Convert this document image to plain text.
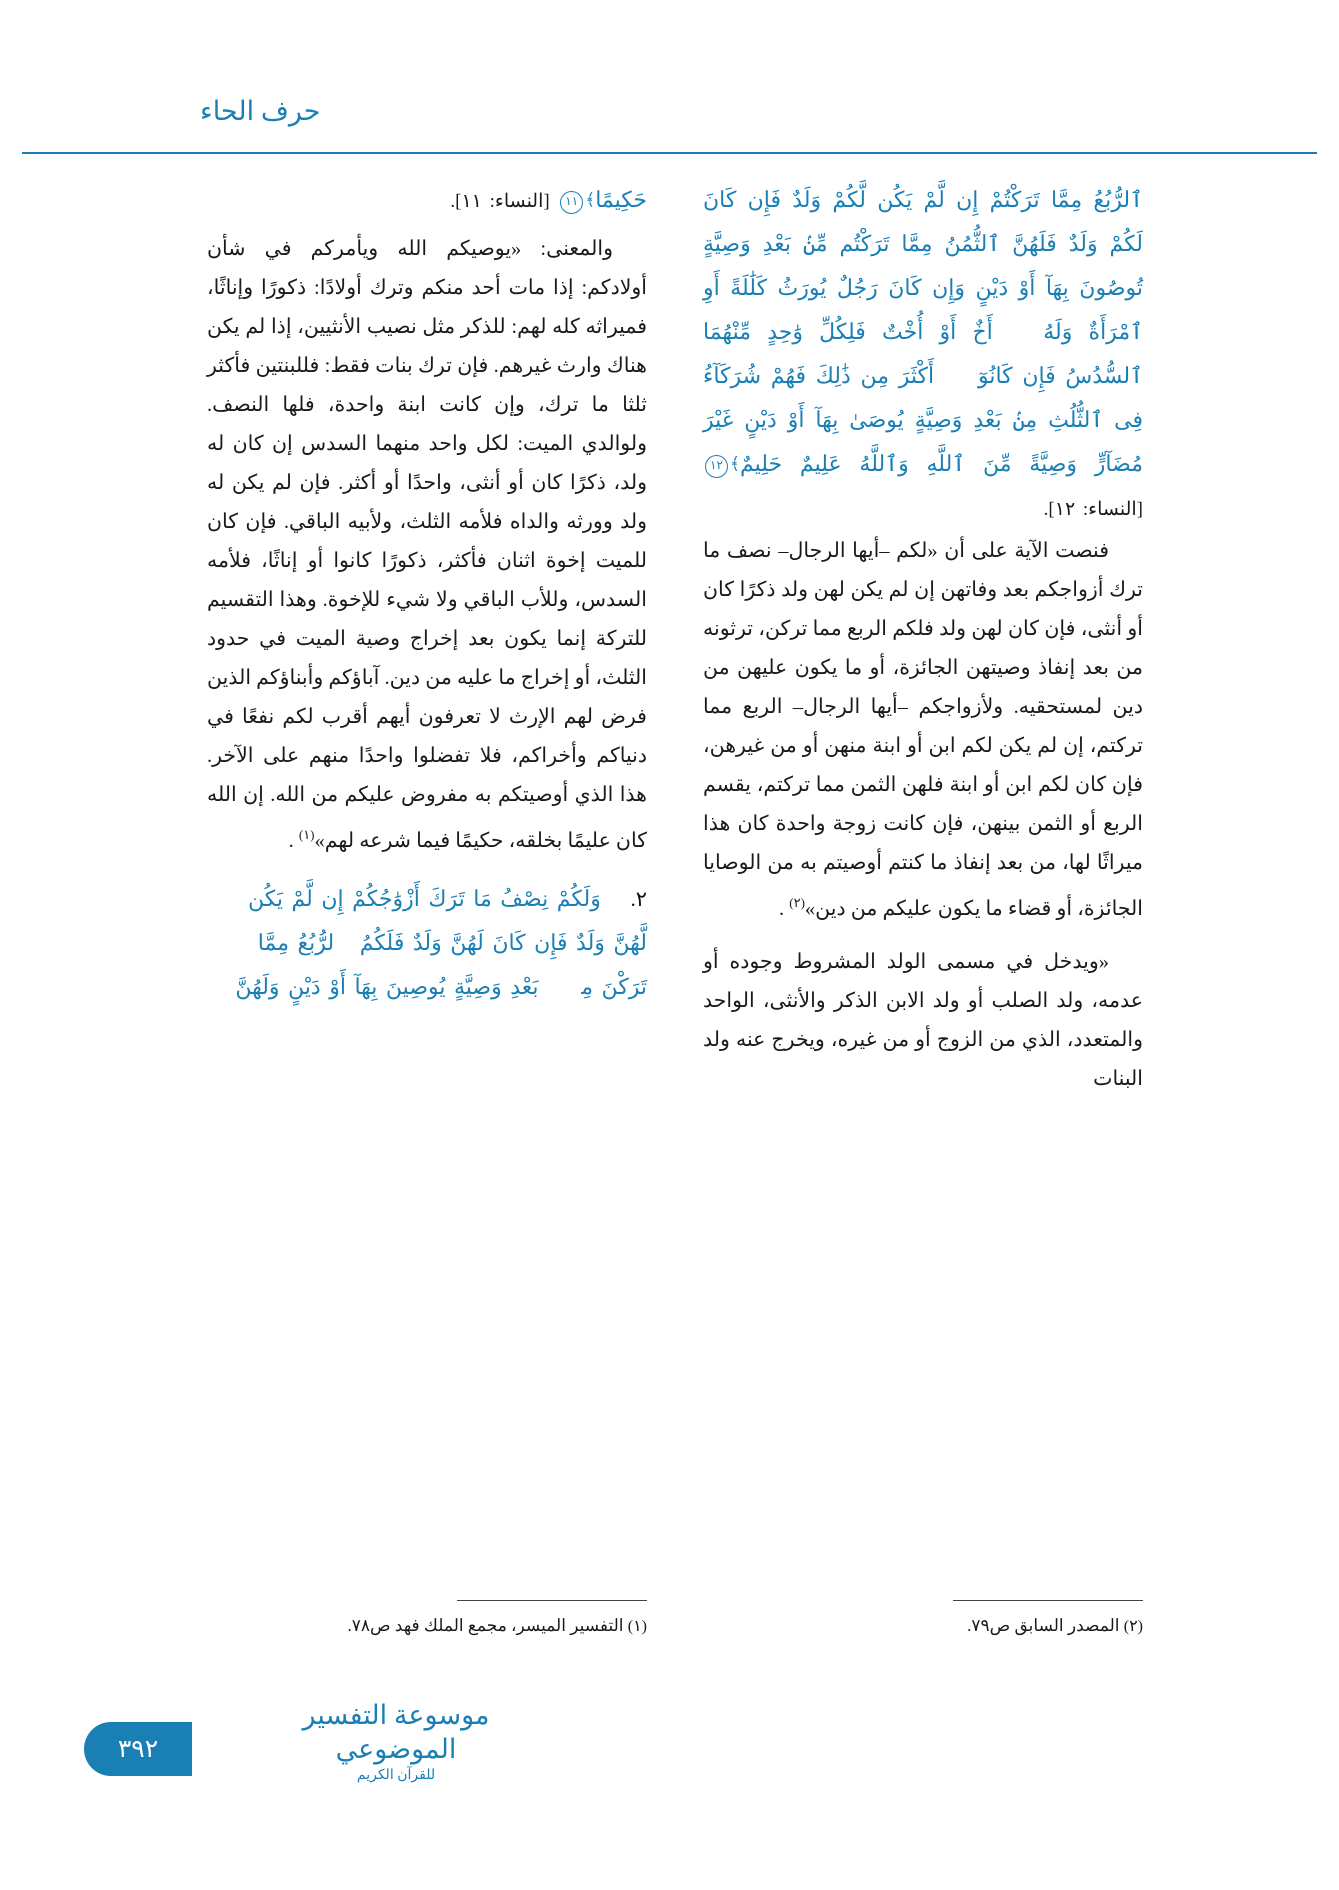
حرف الحاء
ٱلرُّبُعُ مِمَّا تَرَكْتُمْ إِن لَّمْ يَكُن لَّكُمْ وَلَدٌ فَإِن كَانَ لَكُمْ وَلَدٌ فَلَهُنَّ ٱلثُّمُنُ مِمَّا تَرَكْتُم مِّنۢ بَعْدِ وَصِيَّةٍ تُوصُونَ بِهَآ أَوْ دَيْنٍ وَإِن كَانَ رَجُلٌ يُورَثُ كَلَٰلَةً أَوِ ٱمْرَأَةٌ وَلَهُۥٓ أَخٌ أَوْ أُخْتٌ فَلِكُلِّ وَٰحِدٍ مِّنْهُمَا ٱلسُّدُسُ فَإِن كَانُوٓا۟ أَكْثَرَ مِن ذَٰلِكَ فَهُمْ شُرَكَآءُ فِى ٱلثُّلُثِ مِنۢ بَعْدِ وَصِيَّةٍ يُوصَىٰ بِهَآ أَوْ دَيْنٍ غَيْرَ مُضَآرٍّ وَصِيَّةً مِّنَ ٱللَّهِ وَٱللَّهُ عَلِيمٌ حَلِيمٌ﴾١٢ [النساء: ١٢].

فنصت الآية على أن «لكم –أيها الرجال– نصف ما ترك أزواجكم بعد وفاتهن إن لم يكن لهن ولد ذكرًا كان أو أنثى، فإن كان لهن ولد فلكم الربع مما تركن، ترثونه من بعد إنفاذ وصيتهن الجائزة، أو ما يكون عليهن من دين لمستحقيه. ولأزواجكم –أيها الرجال– الربع مما تركتم، إن لم يكن لكم ابن أو ابنة منهن أو من غيرهن، فإن كان لكم ابن أو ابنة فلهن الثمن مما تركتم، يقسم الربع أو الثمن بينهن، فإن كانت زوجة واحدة كان هذا ميراثًا لها، من بعد إنفاذ ما كنتم أوصيتم به من الوصايا الجائزة، أو قضاء ما يكون عليكم من دين»$^{(٢)}$ .

«ويدخل في مسمى الولد المشروط وجوده أو عدمه، ولد الصلب أو ولد الابن الذكر والأنثى، الواحد والمتعدد، الذي من الزوج أو من غيره، ويخرج عنه ولد البنات

حَكِيمًا﴾١١ [النساء: ١١].

والمعنى: «يوصيكم الله ويأمركم في شأن أولادكم: إذا مات أحد منكم وترك أولادًا: ذكورًا وإناثًا، فميراثه كله لهم: للذكر مثل نصيب الأنثيين، إذا لم يكن هناك وارث غيرهم. فإن ترك بنات فقط: فللبنتين فأكثر ثلثا ما ترك، وإن كانت ابنة واحدة، فلها النصف. ولوالدي الميت: لكل واحد منهما السدس إن كان له ولد، ذكرًا كان أو أنثى، واحدًا أو أكثر. فإن لم يكن له ولد وورثه والداه فلأمه الثلث، ولأبيه الباقي. فإن كان للميت إخوة اثنان فأكثر، ذكورًا كانوا أو إناثًا، فلأمه السدس، وللأب الباقي ولا شيء للإخوة. وهذا التقسيم للتركة إنما يكون بعد إخراج وصية الميت في حدود الثلث، أو إخراج ما عليه من دين. آباؤكم وأبناؤكم الذين فرض لهم الإرث لا تعرفون أيهم أقرب لكم نفعًا في دنياكم وأخراكم، فلا تفضلوا واحدًا منهم على الآخر. هذا الذي أوصيتكم به مفروض عليكم من الله. إن الله كان عليمًا بخلقه، حكيمًا فيما شرعه لهم»$^{(١)}$ .

٢. ﴿ وَلَكُمْ نِصْفُ مَا تَرَكَ أَزْوَٰجُكُمْ إِن لَّمْ يَكُن لَّهُنَّ وَلَدٌ فَإِن كَانَ لَهُنَّ وَلَدٌ فَلَكُمُ ٱلرُّبُعُ مِمَّا تَرَكْنَ مِنۢ بَعْدِ وَصِيَّةٍ يُوصِينَ بِهَآ أَوْ دَيْنٍ وَلَهُنَّ
(٢) المصدر السابق ص٧٩.
(١) التفسير الميسر، مجمع الملك فهد ص٧٨.
موسوعة التفسير الموضوعي
للقرآن الكريم
٣٩٢
